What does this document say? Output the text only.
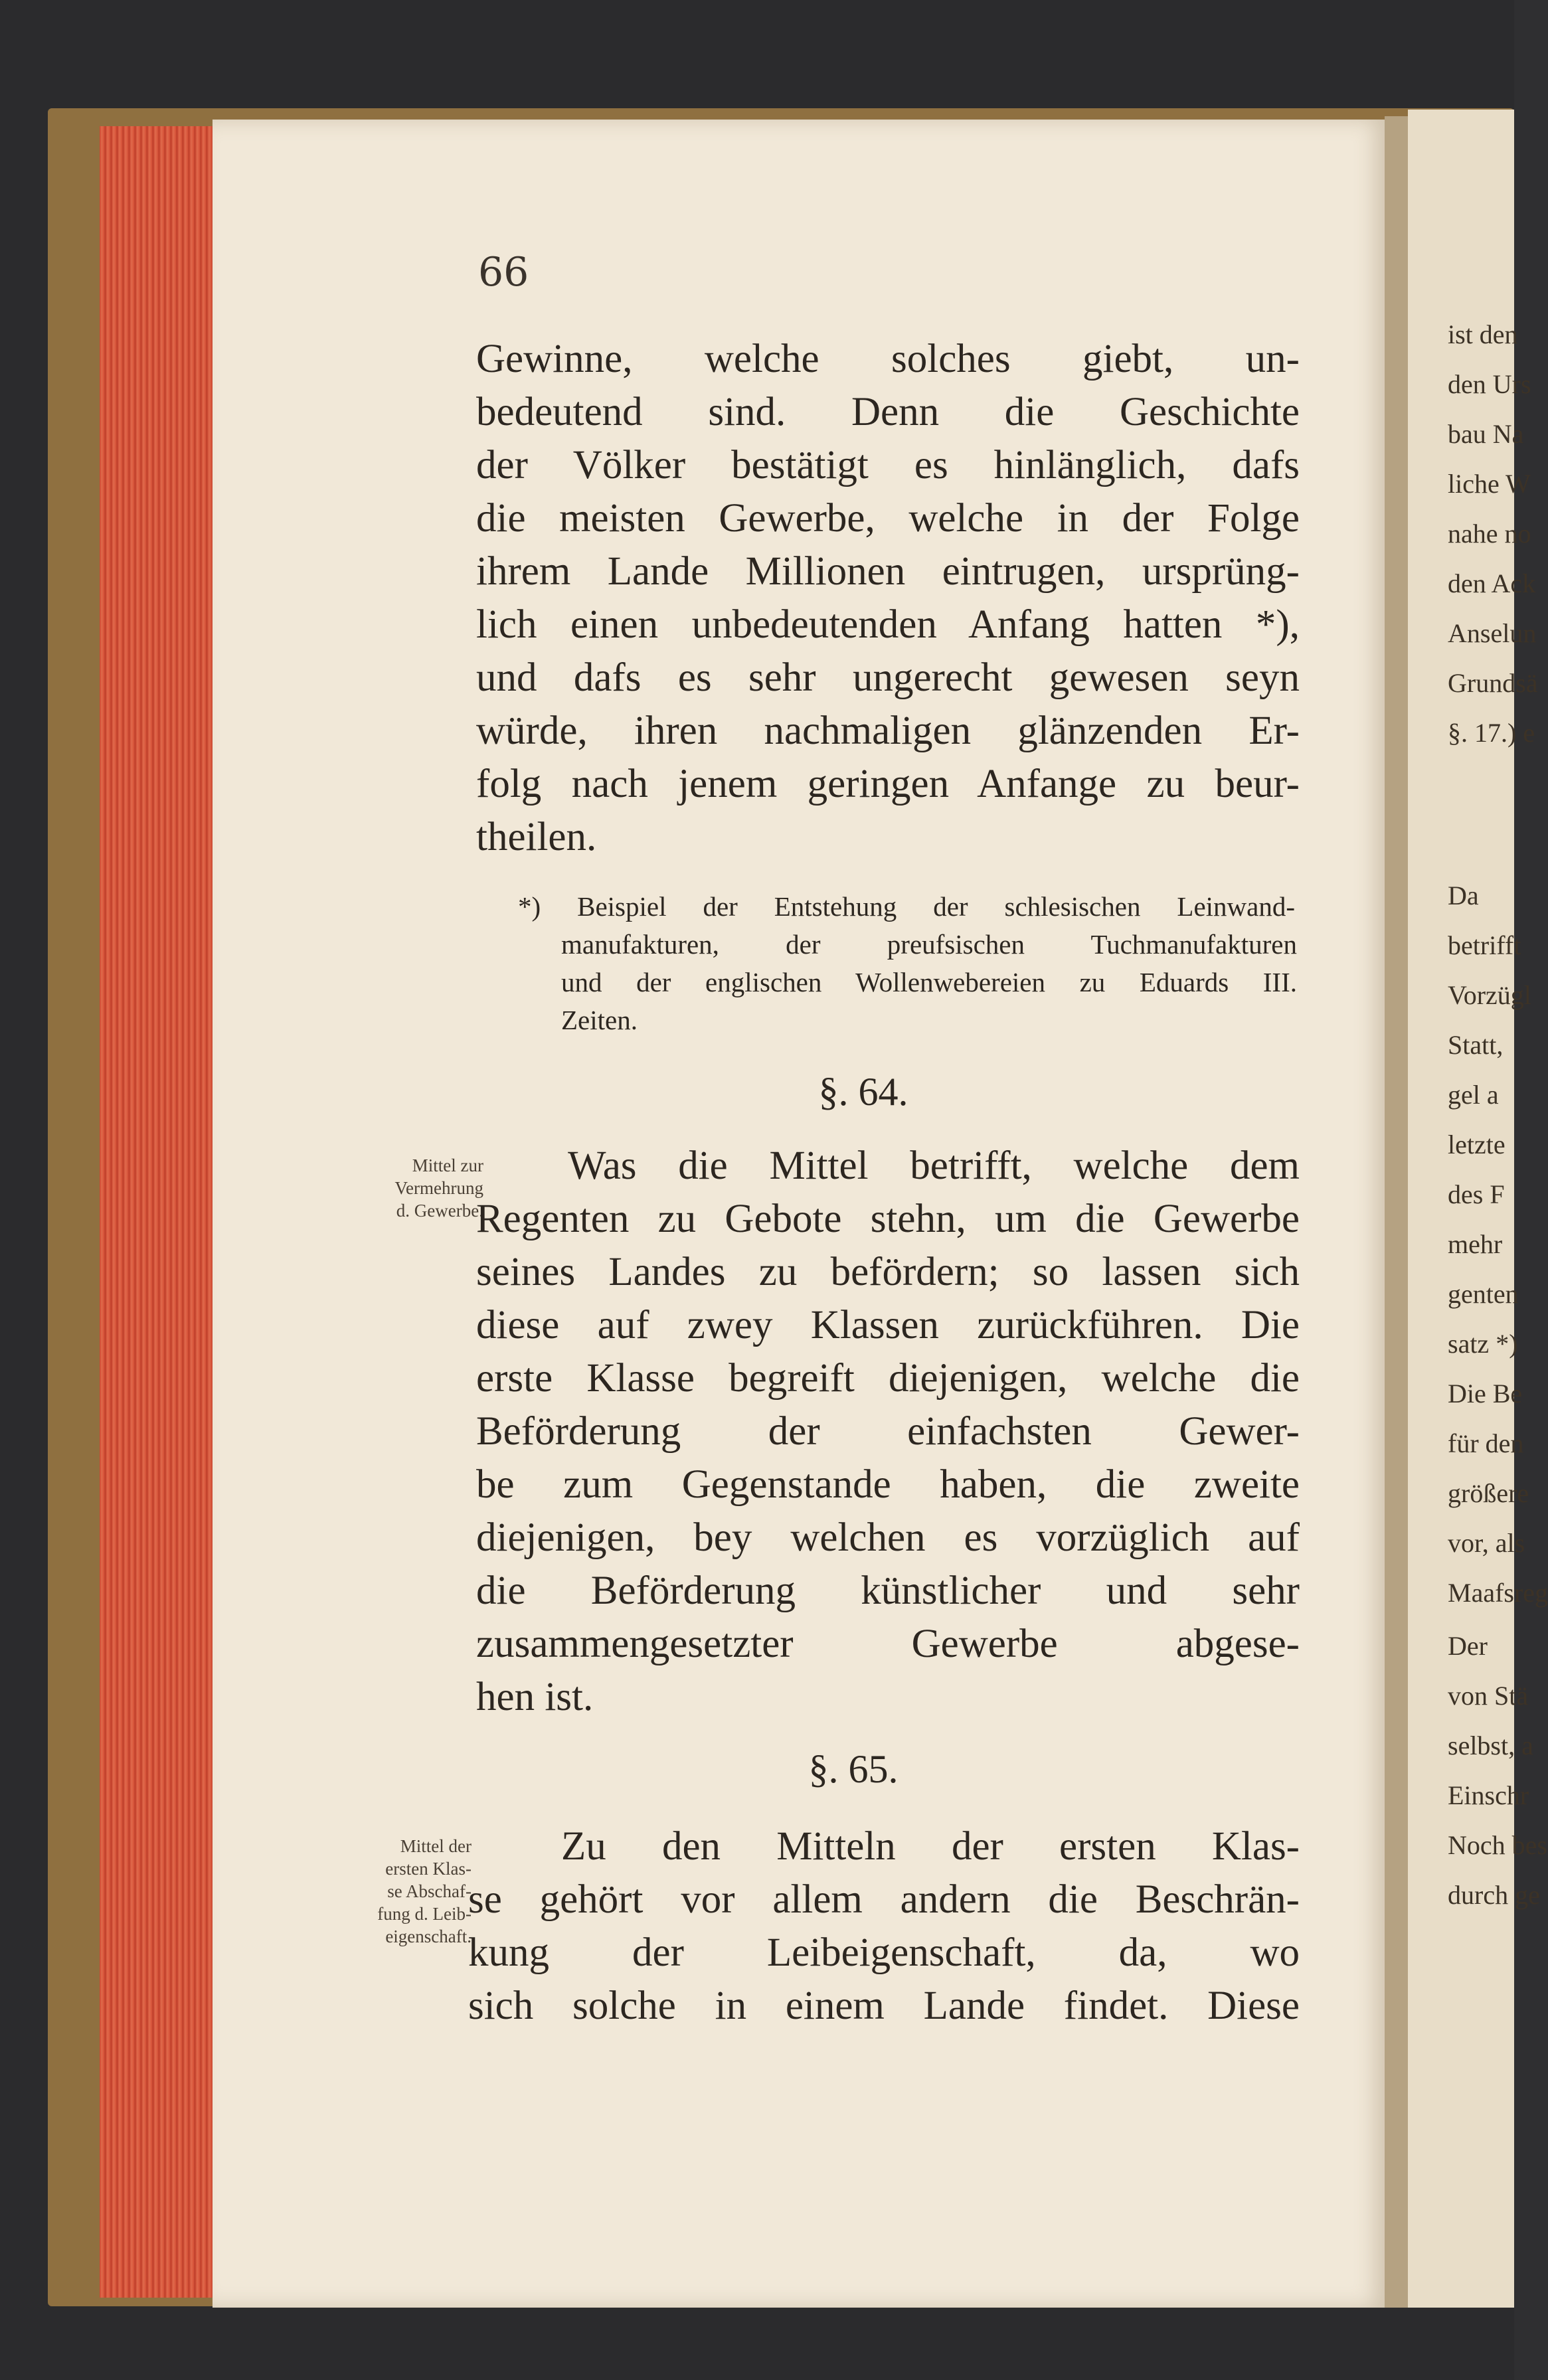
ist den
den Urs
bau Na
liche W
nahe no
den Ack
Anselun
Grundsä
§. 17.) e
Da
betrifft
Vorzügl
Statt,
gel a
letzte
des F
mehr
genten
satz *)
Die Be
für den
größere
vor, als
Maafsreg
Der
von Stä
selbst, a
Einschr
Noch bes
durch ge
66
Gewinne, welche solches giebt, un-
bedeutend sind. Denn die Geschichte
der Völker bestätigt es hinlänglich, dafs
die meisten Gewerbe, welche in der Folge
ihrem Lande Millionen eintrugen, ursprüng-
lich einen unbedeutenden Anfang hatten *),
und dafs es sehr ungerecht gewesen seyn
würde, ihren nachmaligen glänzenden Er-
folg nach jenem geringen Anfange zu beur-
theilen.
*) Beispiel der Entstehung der schlesischen Leinwand-
manufakturen, der preufsischen Tuchmanufakturen
und der englischen Wollenwebereien zu Eduards III.
Zeiten.
§. 64.
Mittel zur
Vermehrung
d. Gewerbe.
Was die Mittel betrifft, welche dem
Regenten zu Gebote stehn, um die Gewerbe
seines Landes zu befördern; so lassen sich
diese auf zwey Klassen zurückführen. Die
erste Klasse begreift diejenigen, welche die
Beförderung der einfachsten Gewer-
be zum Gegenstande haben, die zweite
diejenigen, bey welchen es vorzüglich auf
die Beförderung künstlicher und sehr
zusammengesetzter Gewerbe abgese-
hen ist.
§. 65.
Mittel der
ersten Klas-
se Abschaf-
fung d. Leib-
eigenschaft.
Zu den Mitteln der ersten Klas-
se gehört vor allem andern die Beschrän-
kung der Leibeigenschaft, da, wo
sich solche in einem Lande findet. Diese
